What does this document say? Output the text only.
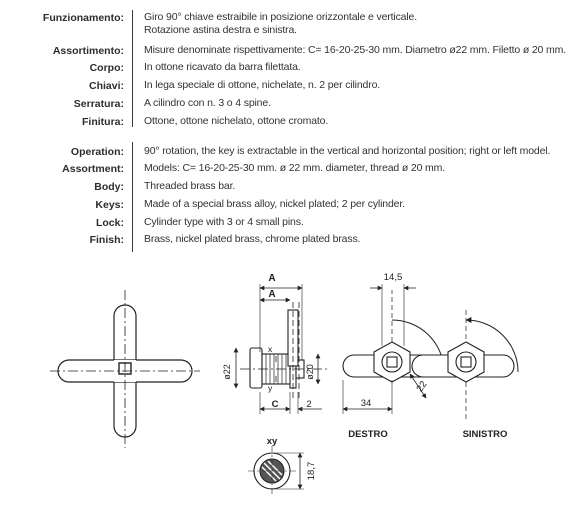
Funzionamento: Giro 90° chiave estraibile in posizione orizzontale e verticale.
Rotazione astina destra e sinistra.
Assortimento: Misure denominate rispettivamente: C= 16-20-25-30 mm. Diametro ø22 mm. Filetto ø 20 mm.
Corpo: In ottone ricavato da barra filettata.
Chiavi: In lega speciale di ottone, nichelate, n. 2 per cilindro.
Serratura: A cilindro con n. 3 o 4 spine.
Finitura: Ottone, ottone nichelato, ottone cromato.
Operation: 90° rotation, the key is extractable in the vertical and horizontal position; right or left model.
Assortment: Models: C= 16-20-25-30 mm. ø 22 mm. diameter, thread ø 20 mm.
Body: Threaded brass bar.
Keys: Made of a special brass alloy, nickel plated; 2 per cylinder.
Lock: Cylinder type with 3 or 4 small pins.
Finish: Brass, nickel plated brass, chrome plated brass.
A
A
ø22	ø20
x
y
C	2
14,5
34
22
DESTRO	SINISTRO
xy
18,7
